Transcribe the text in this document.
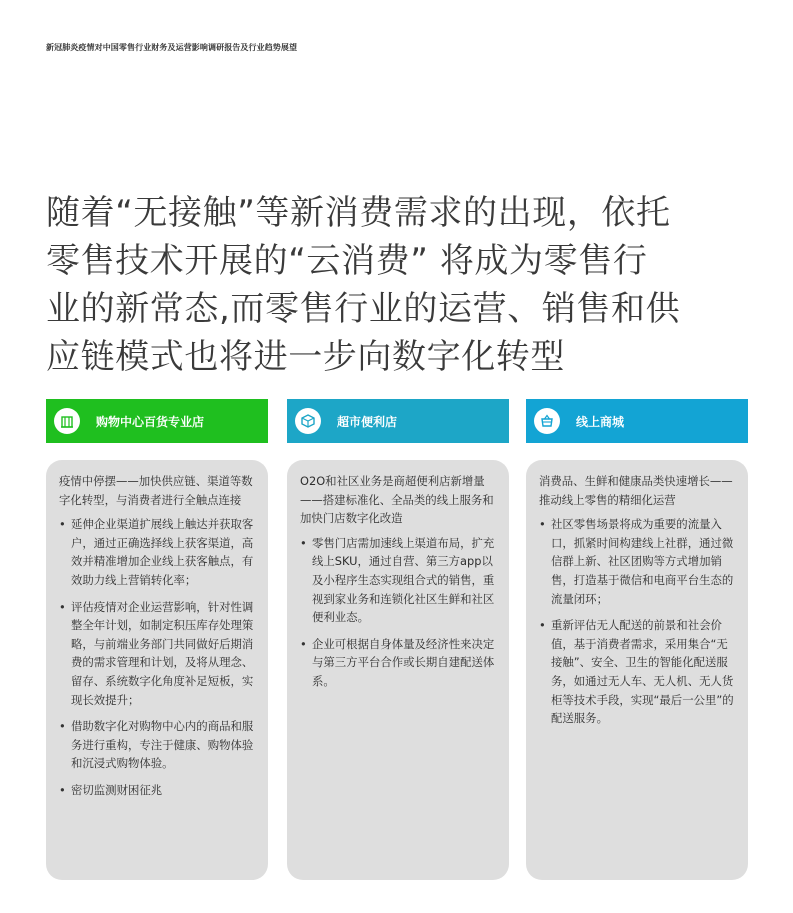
新冠肺炎疫情对中国零售行业财务及运营影响调研报告及行业趋势展望
随着“无接触”等新消费需求的出现，依托
零售技术开展的“云消费” 将成为零售行
业的新常态,而零售行业的运营、销售和供
应链模式也将进一步向数字化转型
购物中心百货专业店

疫情中停摆——加快供应链、渠道等数字化转型，与消费者进行全触点连接

• 延伸企业渠道扩展线上触达并获取客户，通过正确选择线上获客渠道，高效并精准增加企业线上获客触点，有效助力线上营销转化率；
• 评估疫情对企业运营影响，针对性调整全年计划，如制定积压库存处理策略，与前端业务部门共同做好后期消费的需求管理和计划，及将从理念、留存、系统数字化角度补足短板，实现长效提升；
• 借助数字化对购物中心内的商品和服务进行重构，专注于健康、购物体验和沉浸式购物体验。
• 密切监测财困征兆
超市便利店

O2O和社区业务是商超便利店新增量——搭建标准化、全品类的线上服务和加快门店数字化改造

• 零售门店需加速线上渠道布局，扩充线上SKU，通过自营、第三方app以及小程序生态实现组合式的销售，重视到家业务和连锁化社区生鲜和社区便利业态。
• 企业可根据自身体量及经济性来决定与第三方平台合作或长期自建配送体系。
线上商城

消费品、生鲜和健康品类快速增长——推动线上零售的精细化运营

• 社区零售场景将成为重要的流量入口，抓紧时间构建线上社群，通过微信群上新、社区团购等方式增加销售，打造基于微信和电商平台生态的流量闭环；
• 重新评估无人配送的前景和社会价值，基于消费者需求，采用集合“无接触”、安全、卫生的智能化配送服务，如通过无人车、无人机、无人货柜等技术手段，实现“最后一公里”的配送服务。
